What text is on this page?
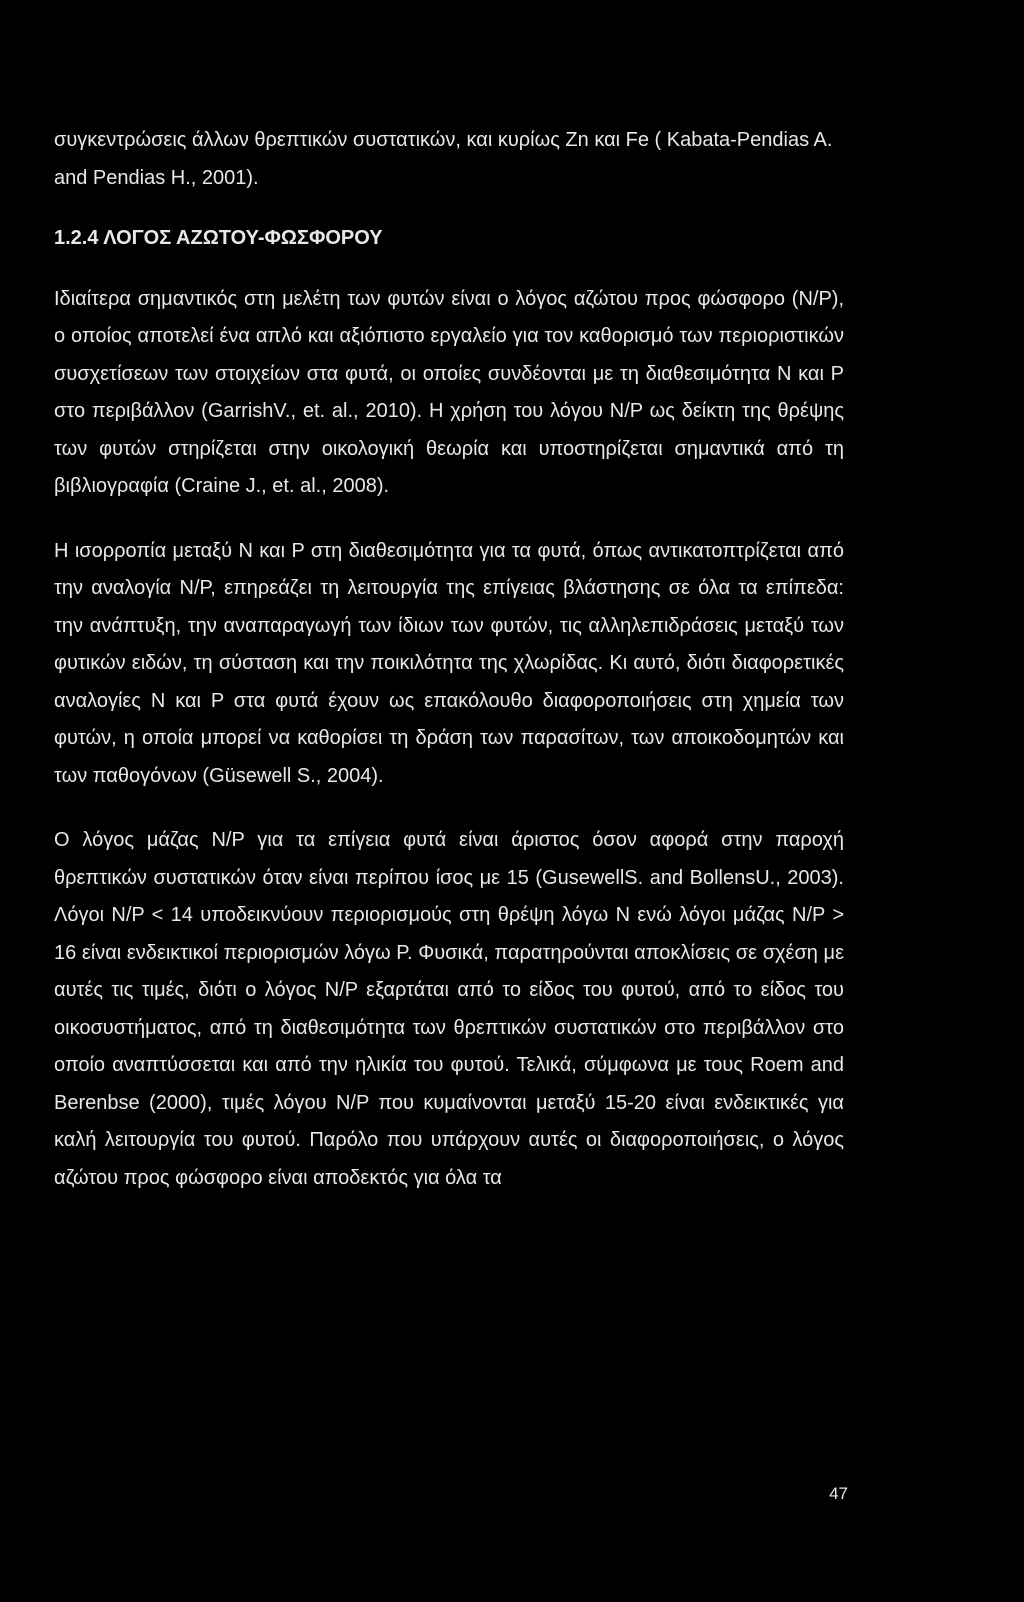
συγκεντρώσεις άλλων θρεπτικών συστατικών, και κυρίως Zn και Fe ( Kabata-Pendias A. and Pendias H., 2001).

1.2.4 ΛΟΓΟΣ ΑΖΩΤΟΥ-ΦΩΣΦΟΡΟΥ

Ιδιαίτερα σημαντικός στη μελέτη των φυτών είναι ο λόγος αζώτου προς φώσφορο (N/P), ο οποίος αποτελεί ένα απλό και αξιόπιστο εργαλείο για τον καθορισμό των περιοριστικών συσχετίσεων των στοιχείων στα φυτά, οι οποίες συνδέονται με τη διαθεσιμότητα N και P στο περιβάλλον (GarrishV., et. al., 2010). Η χρήση του λόγου N/P ως δείκτη της θρέψης των φυτών στηρίζεται στην οικολογική θεωρία και υποστηρίζεται σημαντικά από τη βιβλιογραφία (Craine J., et. al., 2008).

Η ισορροπία μεταξύ N και P στη διαθεσιμότητα για τα φυτά, όπως αντικατοπτρίζεται από την αναλογία N/P, επηρεάζει τη λειτουργία της επίγειας βλάστησης σε όλα τα επίπεδα: την ανάπτυξη, την αναπαραγωγή των ίδιων των φυτών, τις αλληλεπιδράσεις μεταξύ των φυτικών ειδών, τη σύσταση και την ποικιλότητα της χλωρίδας. Κι αυτό, διότι διαφορετικές αναλογίες N και P στα φυτά έχουν ως επακόλουθο διαφοροποιήσεις στη χημεία των φυτών, η οποία μπορεί να καθορίσει τη δράση των παρασίτων, των αποικοδομητών και των παθογόνων (Güsewell S., 2004).

Ο λόγος μάζας N/P για τα επίγεια φυτά είναι άριστος όσον αφορά στην παροχή θρεπτικών συστατικών όταν είναι περίπου ίσος με 15 (GusewellS. and BollensU., 2003). Λόγοι N/P < 14 υποδεικνύουν περιορισμούς στη θρέψη λόγω N ενώ λόγοι μάζας N/P > 16 είναι ενδεικτικοί περιορισμών λόγω P. Φυσικά, παρατηρούνται αποκλίσεις σε σχέση με αυτές τις τιμές, διότι ο λόγος N/P εξαρτάται από το είδος του φυτού, από το είδος του οικοσυστήματος, από τη διαθεσιμότητα των θρεπτικών συστατικών στο περιβάλλον στο οποίο αναπτύσσεται και από την ηλικία του φυτού. Τελικά, σύμφωνα με τους Roem and Berenbse (2000), τιμές λόγου N/P που κυμαίνονται μεταξύ 15-20 είναι ενδεικτικές για καλή λειτουργία του φυτού. Παρόλο που υπάρχουν αυτές οι διαφοροποιήσεις, ο λόγος αζώτου προς φώσφορο είναι αποδεκτός για όλα τα

47
